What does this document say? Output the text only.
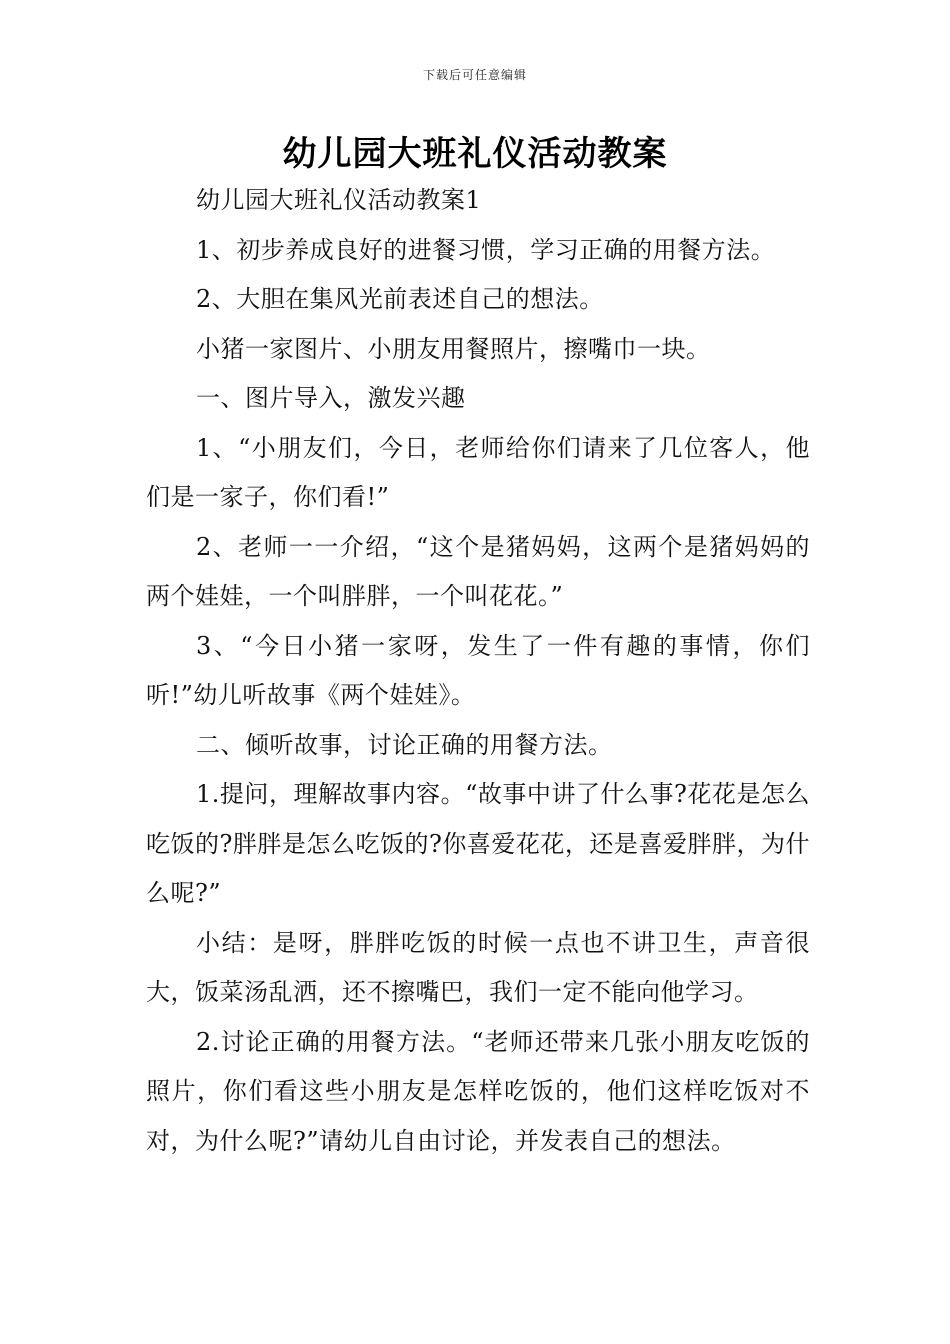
下载后可任意编辑
幼儿园大班礼仪活动教案

幼儿园大班礼仪活动教案1

1、初步养成良好的进餐习惯，学习正确的用餐方法。

2、大胆在集风光前表述自己的想法。

小猪一家图片、小朋友用餐照片，擦嘴巾一块。

一、图片导入，激发兴趣

1、“小朋友们，今日，老师给你们请来了几位客人，他们是一家子，你们看!”

2、老师一一介绍，“这个是猪妈妈，这两个是猪妈妈的两个娃娃，一个叫胖胖，一个叫花花。”

3、“今日小猪一家呀，发生了一件有趣的事情，你们听!”幼儿听故事《两个娃娃》。

二、倾听故事，讨论正确的用餐方法。

1.提问，理解故事内容。“故事中讲了什么事?花花是怎么吃饭的?胖胖是怎么吃饭的?你喜爱花花，还是喜爱胖胖，为什么呢?”

小结：是呀，胖胖吃饭的时候一点也不讲卫生，声音很大，饭菜汤乱洒，还不擦嘴巴，我们一定不能向他学习。

2.讨论正确的用餐方法。“老师还带来几张小朋友吃饭的照片，你们看这些小朋友是怎样吃饭的，他们这样吃饭对不对，为什么呢?”请幼儿自由讨论，并发表自己的想法。
